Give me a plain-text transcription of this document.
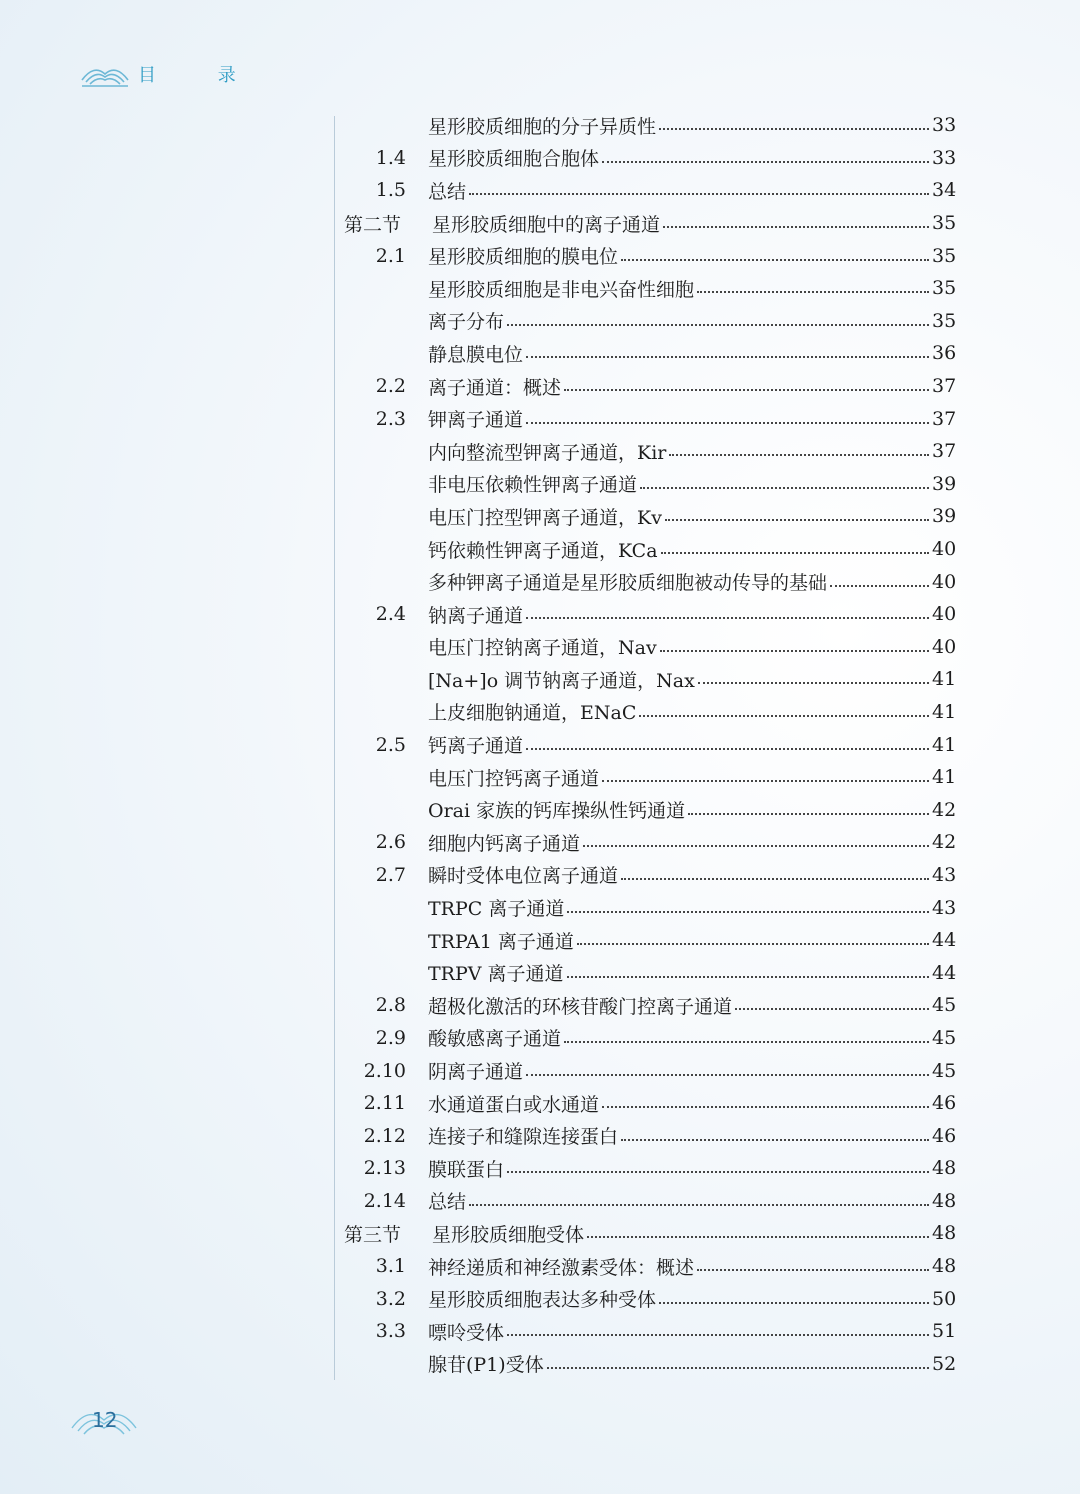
目 录
星形胶质细胞的分子异质性	33
1.4	星形胶质细胞合胞体	33
1.5	总结	34
第二节	星形胶质细胞中的离子通道	35
2.1	星形胶质细胞的膜电位	35
星形胶质细胞是非电兴奋性细胞	35
离子分布	35
静息膜电位	36
2.2	离子通道：概述	37
2.3	钾离子通道	37
内向整流型钾离子通道，Kir	37
非电压依赖性钾离子通道	39
电压门控型钾离子通道，Kv	39
钙依赖性钾离子通道，KCa	40
多种钾离子通道是星形胶质细胞被动传导的基础	40
2.4	钠离子通道	40
电压门控钠离子通道，Nav	40
[Na+]o 调节钠离子通道，Nax	41
上皮细胞钠通道，ENaC	41
2.5	钙离子通道	41
电压门控钙离子通道	41
Orai 家族的钙库操纵性钙通道	42
2.6	细胞内钙离子通道	42
2.7	瞬时受体电位离子通道	43
TRPC 离子通道	43
TRPA1 离子通道	44
TRPV 离子通道	44
2.8	超极化激活的环核苷酸门控离子通道	45
2.9	酸敏感离子通道	45
2.10	阴离子通道	45
2.11	水通道蛋白或水通道	46
2.12	连接子和缝隙连接蛋白	46
2.13	膜联蛋白	48
2.14	总结	48
第三节	星形胶质细胞受体	48
3.1	神经递质和神经激素受体：概述	48
3.2	星形胶质细胞表达多种受体	50
3.3	嘌呤受体	51
腺苷(P1)受体	52
12
